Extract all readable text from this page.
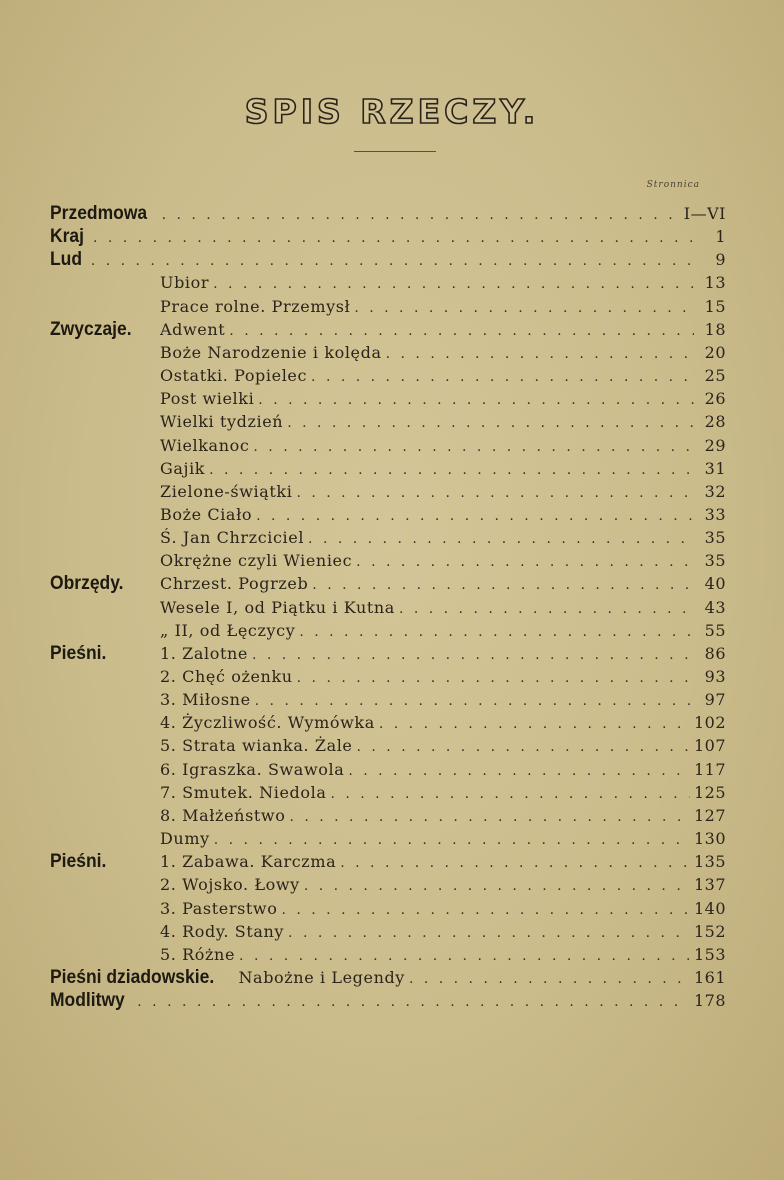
SPIS RZECZY.
Stronnica
Przedmowa . . .	I—VI
Kraj . . .	1
Lud . . .	9
Ubior . . .	13
Prace rolne. Przemysł . . .	15
Zwyczaje.	Adwent . . .	18
Boże Narodzenie i kolęda . . .	20
Ostatki. Popielec . . .	25
Post wielki . . .	26
Wielki tydzień . . .	28
Wielkanoc . . .	29
Gajik . . .	31
Zielone-świątki . . .	32
Boże Ciało . . .	33
Ś. Jan Chrzciciel . . .	35
Okrężne czyli Wieniec . . .	35
Obrzędy.	Chrzest. Pogrzeb . . .	40
Wesele I, od Piątku i Kutna . . .	43
„ II, od Łęczycy . . .	55
Pieśni.	1. Zalotne . . .	86
2. Chęć ożenku . . .	93
3. Miłosne . . .	97
4. Życzliwość. Wymówka . . .	102
5. Strata wianka. Żale . . .	107
6. Igraszka. Swawola . . .	117
7. Smutek. Niedola . . .	125
8. Małżeństwo . . .	127
Dumy . . .	130
Pieśni.	1. Zabawa. Karczma . . .	135
2. Wojsko. Łowy . . .	137
3. Pasterstwo . . .	140
4. Rody. Stany . . .	152
5. Różne . . .	153
Pieśni dziadowskie. Nabożne i Legendy . . .	161
Modlitwy . . .	178
